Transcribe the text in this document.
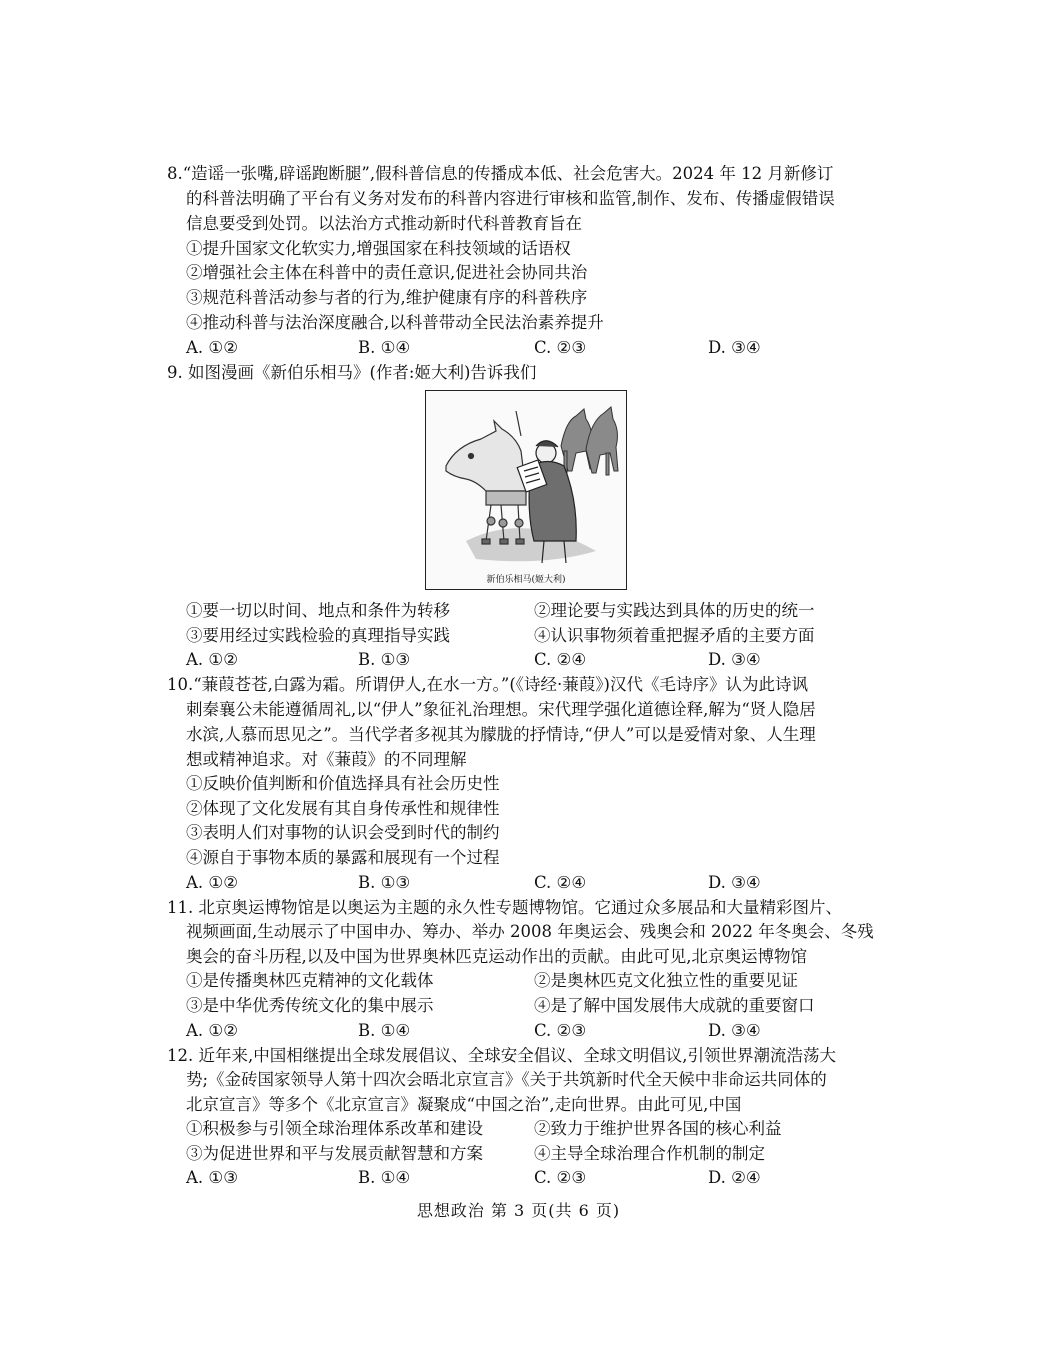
8.“造谣一张嘴,辟谣跑断腿”,假科普信息的传播成本低、社会危害大。2024 年 12 月新修订
的科普法明确了平台有义务对发布的科普内容进行审核和监管,制作、发布、传播虚假错误
信息要受到处罚。以法治方式推动新时代科普教育旨在
①提升国家文化软实力,增强国家在科技领域的话语权
②增强社会主体在科普中的责任意识,促进社会协同共治
③规范科普活动参与者的行为,维护健康有序的科普秩序
④推动科普与法治深度融合,以科普带动全民法治素养提升
A. ①②	B. ①④	C. ②③	D. ③④
9. 如图漫画《新伯乐相马》(作者:姬大利)告诉我们
新伯乐相马(姬大利)
①要一切以时间、地点和条件为转移	②理论要与实践达到具体的历史的统一
③要用经过实践检验的真理指导实践	④认识事物须着重把握矛盾的主要方面
A. ①②	B. ①③	C. ②④	D. ③④
10.“蒹葭苍苍,白露为霜。所谓伊人,在水一方。”(《诗经·蒹葭》)汉代《毛诗序》认为此诗讽
刺秦襄公未能遵循周礼,以“伊人”象征礼治理想。宋代理学强化道德诠释,解为“贤人隐居
水滨,人慕而思见之”。当代学者多视其为朦胧的抒情诗,“伊人”可以是爱情对象、人生理
想或精神追求。对《蒹葭》的不同理解
①反映价值判断和价值选择具有社会历史性
②体现了文化发展有其自身传承性和规律性
③表明人们对事物的认识会受到时代的制约
④源自于事物本质的暴露和展现有一个过程
A. ①②	B. ①③	C. ②④	D. ③④
11. 北京奥运博物馆是以奥运为主题的永久性专题博物馆。它通过众多展品和大量精彩图片、
视频画面,生动展示了中国申办、筹办、举办 2008 年奥运会、残奥会和 2022 年冬奥会、冬残
奥会的奋斗历程,以及中国为世界奥林匹克运动作出的贡献。由此可见,北京奥运博物馆
①是传播奥林匹克精神的文化载体	②是奥林匹克文化独立性的重要见证
③是中华优秀传统文化的集中展示	④是了解中国发展伟大成就的重要窗口
A. ①②	B. ①④	C. ②③	D. ③④
12. 近年来,中国相继提出全球发展倡议、全球安全倡议、全球文明倡议,引领世界潮流浩荡大
势;《金砖国家领导人第十四次会晤北京宣言》《关于共筑新时代全天候中非命运共同体的
北京宣言》等多个《北京宣言》凝聚成“中国之治”,走向世界。由此可见,中国
①积极参与引领全球治理体系改革和建设	②致力于维护世界各国的核心利益
③为促进世界和平与发展贡献智慧和方案	④主导全球治理合作机制的制定
A. ①③	B. ①④	C. ②③	D. ②④
思想政治 第 3 页(共 6 页)
